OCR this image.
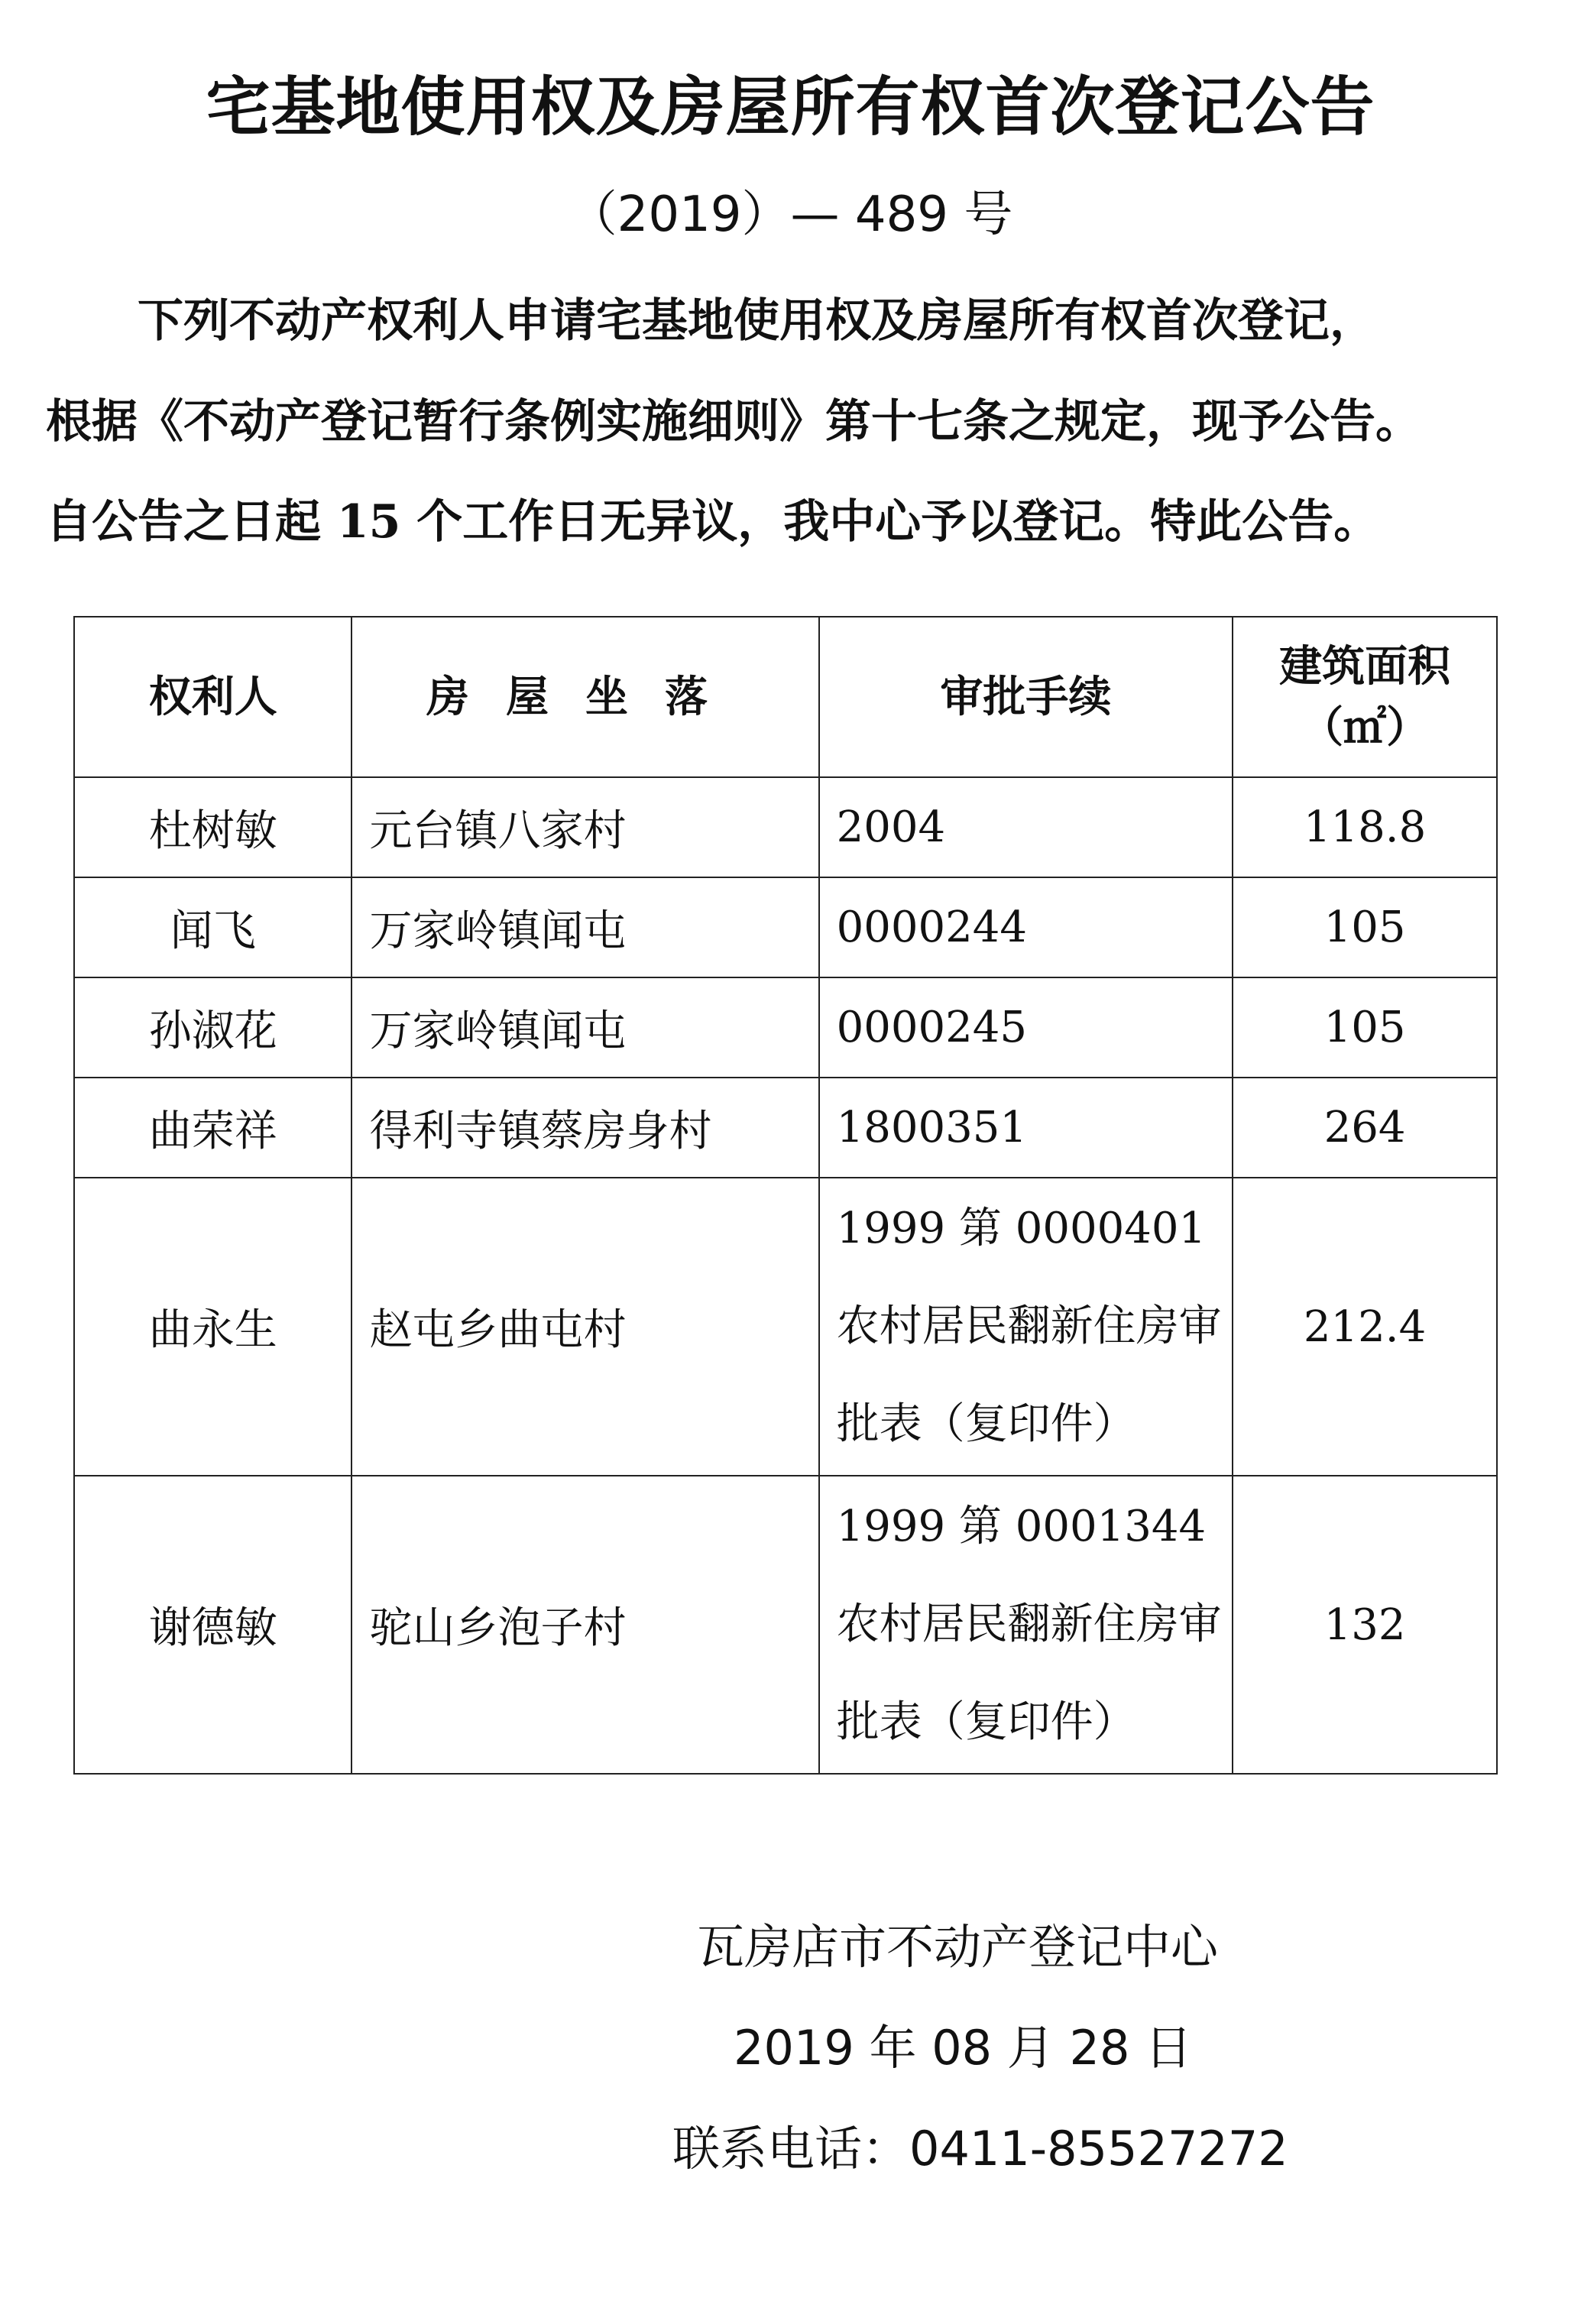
宅基地使用权及房屋所有权首次登记公告
（2019）— 489 号
下列不动产权利人申请宅基地使用权及房屋所有权首次登记，
根据《不动产登记暂行条例实施细则》第十七条之规定，现予公告。
自公告之日起 15 个工作日无异议，我中心予以登记。特此公告。
权利人	房屋坐落	审批手续	建筑面积（㎡）
杜树敏	元台镇八家村	2004	118.8
闻飞	万家岭镇闻屯	0000244	105
孙淑花	万家岭镇闻屯	0000245	105
曲荣祥	得利寺镇蔡房身村	1800351	264
曲永生	赵屯乡曲屯村	1999 第 0000401 农村居民翻新住房审批表（复印件）	212.4
谢德敏	驼山乡泡子村	1999 第 0001344 农村居民翻新住房审批表（复印件）	132
瓦房店市不动产登记中心
2019 年 08 月 28 日
联系电话：0411-85527272
